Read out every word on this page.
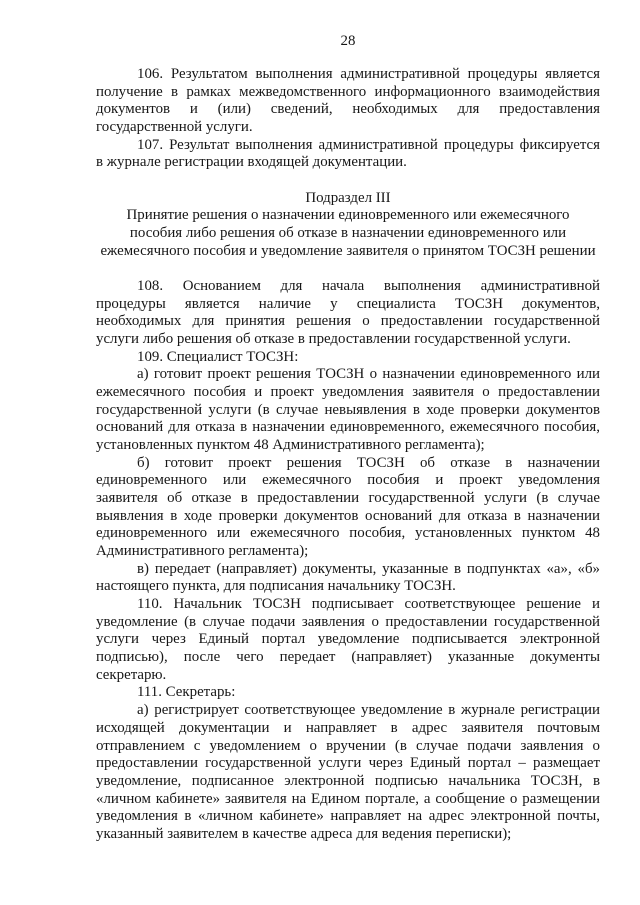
28
106. Результатом выполнения административной процедуры является
получение в рамках межведомственного информационного взаимодействия
документов и (или) сведений, необходимых для предоставления
государственной услуги.
107. Результат выполнения административной процедуры фиксируется
в журнале регистрации входящей документации.
Подраздел III
Принятие решения о назначении единовременного или ежемесячного
пособия либо решения об отказе в назначении единовременного или
ежемесячного пособия и уведомление заявителя о принятом ТОСЗН решении
108. Основанием для начала выполнения административной
процедуры является наличие у специалиста ТОСЗН документов,
необходимых для принятия решения о предоставлении государственной
услуги либо решения об отказе в предоставлении государственной услуги.
109. Специалист ТОСЗН:
а) готовит проект решения ТОСЗН о назначении единовременного или
ежемесячного пособия и проект уведомления заявителя о предоставлении
государственной услуги (в случае невыявления в ходе проверки документов
оснований для отказа в назначении единовременного, ежемесячного пособия,
установленных пунктом 48 Административного регламента);
б) готовит проект решения ТОСЗН об отказе в назначении
единовременного или ежемесячного пособия и проект уведомления
заявителя об отказе в предоставлении государственной услуги (в случае
выявления в ходе проверки документов оснований для отказа в назначении
единовременного или ежемесячного пособия, установленных пунктом 48
Административного регламента);
в) передает (направляет) документы, указанные в подпунктах «а», «б»
настоящего пункта, для подписания начальнику ТОСЗН.
110. Начальник ТОСЗН подписывает соответствующее решение и
уведомление (в случае подачи заявления о предоставлении государственной
услуги через Единый портал уведомление подписывается электронной
подписью), после чего передает (направляет) указанные документы
секретарю.
111. Секретарь:
а) регистрирует соответствующее уведомление в журнале регистрации
исходящей документации и направляет в адрес заявителя почтовым
отправлением с уведомлением о вручении (в случае подачи заявления о
предоставлении государственной услуги через Единый портал – размещает
уведомление, подписанное электронной подписью начальника ТОСЗН, в
«личном кабинете» заявителя на Едином портале, а сообщение о размещении
уведомления в «личном кабинете» направляет на адрес электронной почты,
указанный заявителем в качестве адреса для ведения переписки);
